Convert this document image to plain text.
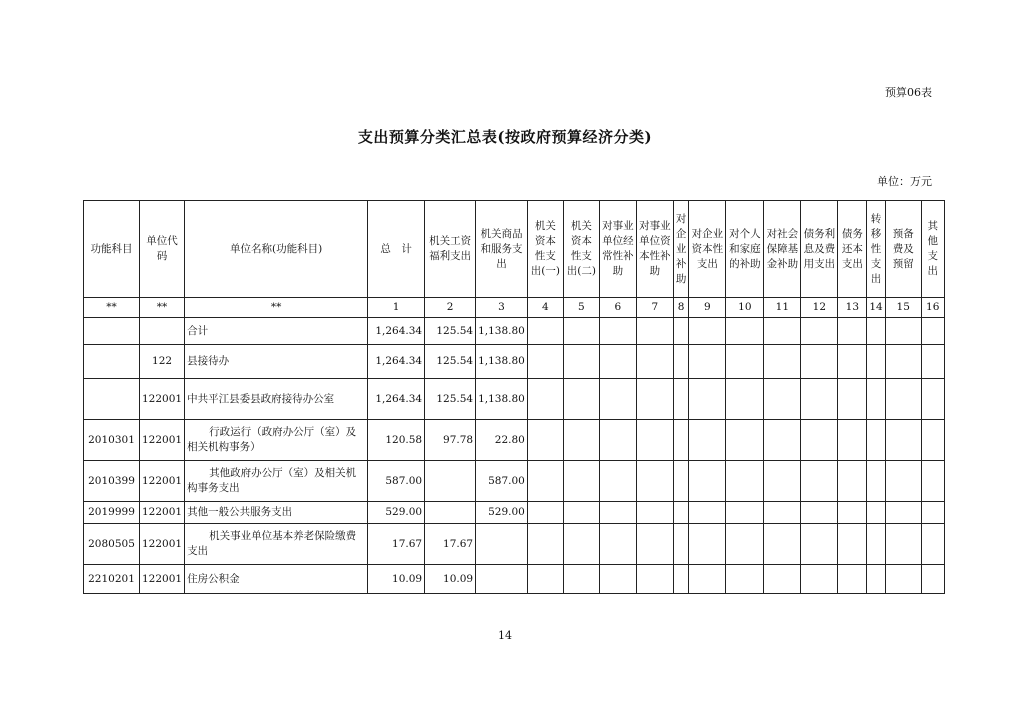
预算06表
支出预算分类汇总表(按政府预算经济分类)
单位：万元
功能科目	单位代码	单位名称(功能科目)	总　计	机关工资福利支出	机关商品和服务支出	机关资本性支出(一)	机关资本性支出(二)	对事业单位经常性补助	对事业单位资本性补助	对企业补助	对企业资本性支出	对个人和家庭的补助	对社会保障基金补助	债务利息及费用支出	债务还本支出	转移性支出	预备费及预留	其他支出
**	**	**	1	2	3	4	5	6	7	8	9	10	11	12	13	14	15	16
		合计	1,264.34	125.54	1,138.80													
	122	县接待办	1,264.34	125.54	1,138.80													
	122001	中共平江县委县政府接待办公室	1,264.34	125.54	1,138.80													
2010301	122001	行政运行（政府办公厅（室）及相关机构事务）	120.58	97.78	22.80													
2010399	122001	其他政府办公厅（室）及相关机构事务支出	587.00		587.00													
2019999	122001	其他一般公共服务支出	529.00		529.00													
2080505	122001	机关事业单位基本养老保险缴费支出	17.67	17.67														
2210201	122001	住房公积金	10.09	10.09														
14
